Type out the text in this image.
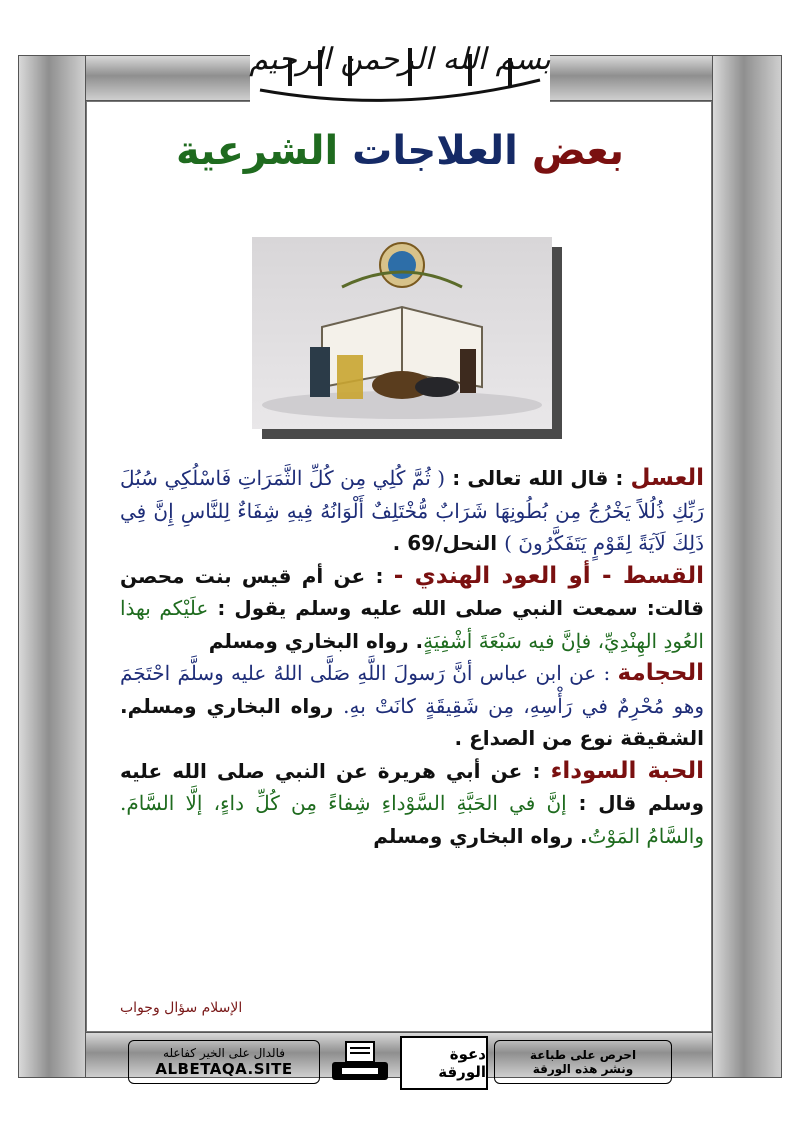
بسم الله الرحمن الرحيم
بعض العلاجات الشرعية

العسل : قال الله تعالى : ( ثُمَّ كُلِي مِن كُلِّ الثَّمَرَاتِ فَاسْلُكِي سُبُلَ رَبِّكِ ذُلُلاً يَخْرُجُ مِن بُطُونِهَا شَرَابٌ مُّخْتَلِفٌ أَلْوَانُهُ فِيهِ شِفَاءٌ لِلنَّاسِ إِنَّ فِي ذَلِكَ لَآيَةً لِقَوْمٍ يَتَفَكَّرُونَ ) النحل/69 .

القسط - أو العود الهندي - : عن أم قيس بنت محصن قالت: سمعت النبي صلى الله عليه وسلم يقول : علَيْكم بهذا العُودِ الهِنْدِيِّ، فإنَّ فيه سَبْعَةَ أشْفِيَةٍ. رواه البخاري ومسلم

الحجامة : عن ابن عباس أنَّ رَسولَ اللَّهِ صَلَّى اللهُ عليه وسلَّمَ احْتَجَمَ وهو مُحْرِمٌ في رَأْسِهِ، مِن شَقِيقَةٍ كانَتْ بهِ. رواه البخاري ومسلم. الشقيقة نوع من الصداع .

الحبة السوداء : عن أبي هريرة عن النبي صلى الله عليه وسلم قال : إنَّ في الحَبَّةِ السَّوْداءِ شِفاءً مِن كُلِّ داءٍ، إلَّا السَّامَ. والسَّامُ المَوْتُ. رواه البخاري ومسلم

الإسلام سؤال وجواب
فالدال على الخير كفاعله
ALBETAQA.SITE
دعوة الورقة
احرص على طباعة
ونشر هذه الورقة
